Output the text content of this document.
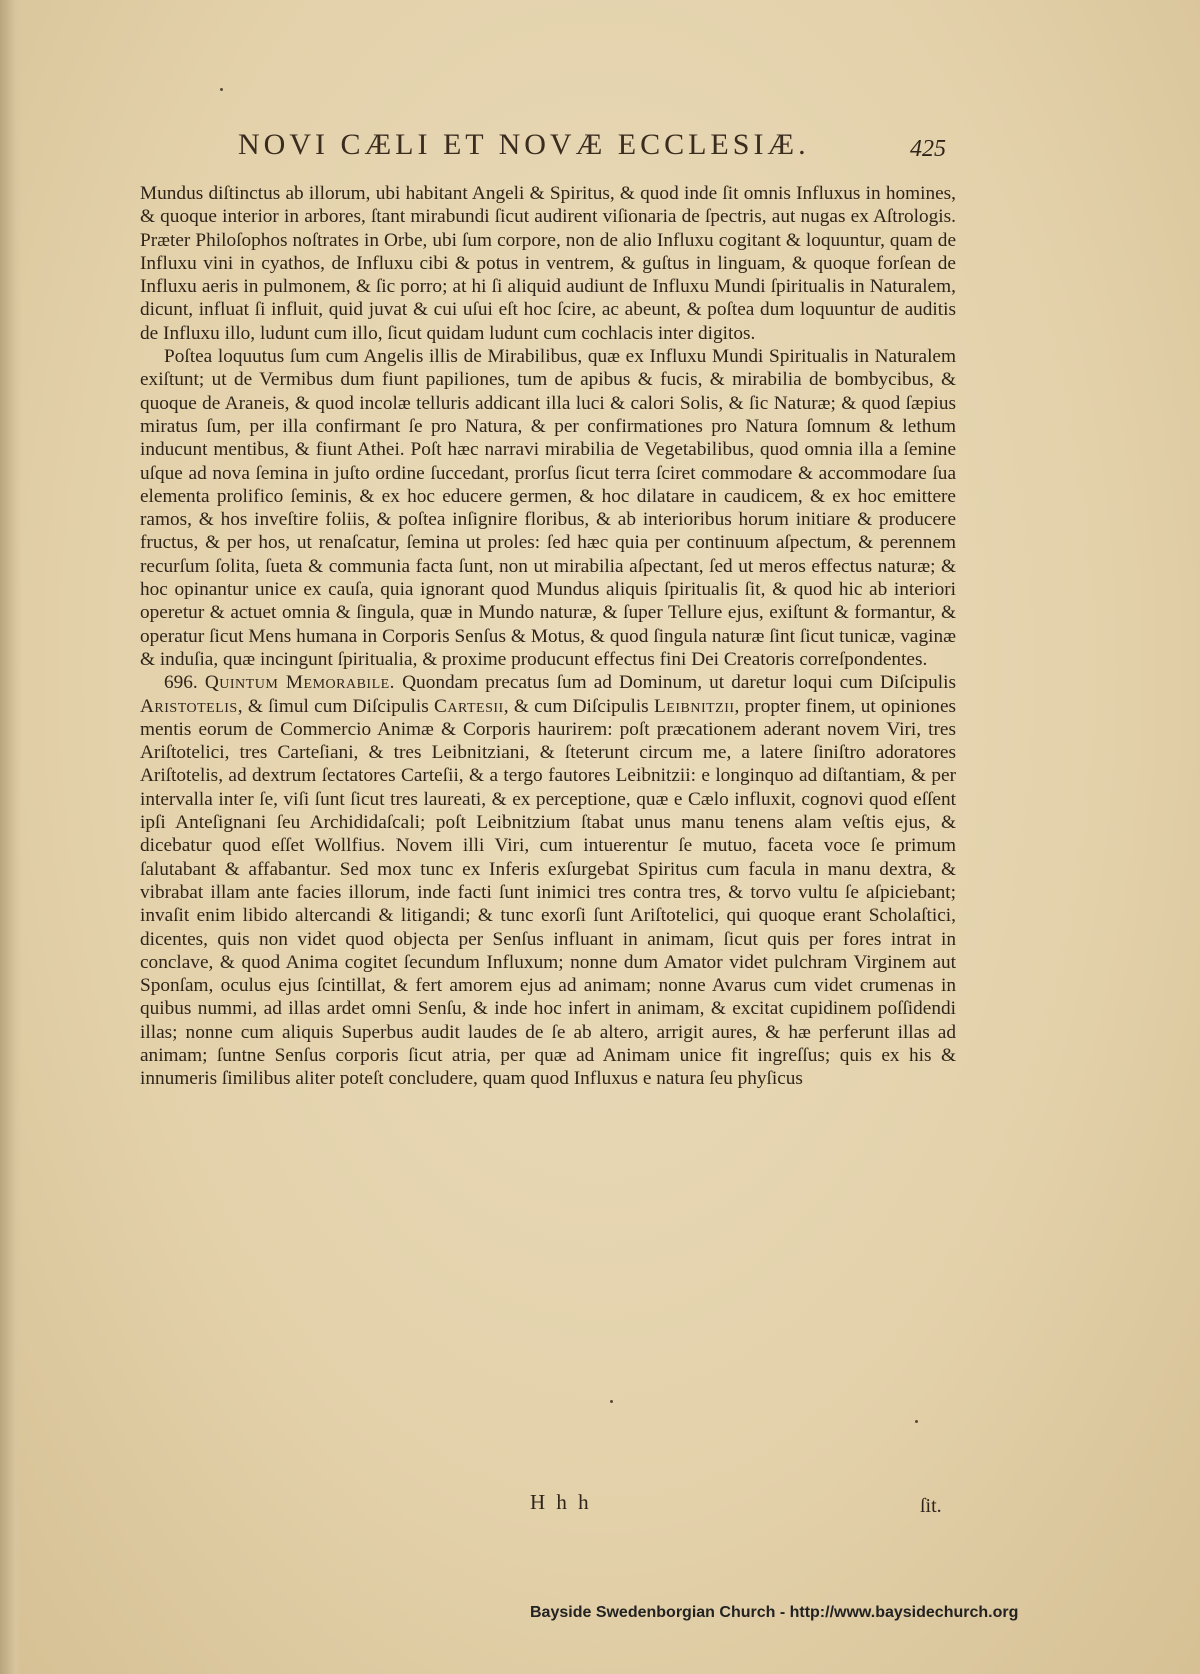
NOVI CÆLI ET NOVÆ ECCLESIÆ.	425

Mundus diſtinctus ab illorum, ubi habitant Angeli & Spiritus, & quod inde ſit omnis Influxus in homines, & quoque interior in arbores, ſtant mirabundi ſicut audirent viſionaria de ſpectris, aut nugas ex Aſtrologis. Præter Philoſophos noſtrates in Orbe, ubi ſum corpore, non de alio Influxu cogitant & loquuntur, quam de Influxu vini in cyathos, de Influxu cibi & potus in ventrem, & guſtus in linguam, & quoque forſean de Influxu aeris in pulmonem, & ſic porro; at hi ſi aliquid audiunt de Influxu Mundi ſpiritualis in Naturalem, dicunt, influat ſi influit, quid juvat & cui uſui eſt hoc ſcire, ac abeunt, & poſtea dum loquuntur de auditis de Influxu illo, ludunt cum illo, ſicut quidam ludunt cum cochlacis inter digitos.

Poſtea loquutus ſum cum Angelis illis de Mirabilibus, quæ ex Influxu Mundi Spiritualis in Naturalem exiſtunt; ut de Vermibus dum fiunt papiliones, tum de apibus & fucis, & mirabilia de bombycibus, & quoque de Araneis, & quod incolæ telluris addicant illa luci & calori Solis, & ſic Naturæ; & quod ſæpius miratus ſum, per illa confirmant ſe pro Natura, & per confirmationes pro Natura ſomnum & lethum inducunt mentibus, & fiunt Athei. Poſt hæc narravi mirabilia de Vegetabilibus, quod omnia illa a ſemine uſque ad nova ſemina in juſto ordine ſuccedant, prorſus ſicut terra ſciret commodare & accommodare ſua elementa prolifico ſeminis, & ex hoc educere germen, & hoc dilatare in caudicem, & ex hoc emittere ramos, & hos inveſtire foliis, & poſtea inſignire floribus, & ab interioribus horum initiare & producere fructus, & per hos, ut renaſcatur, ſemina ut proles: ſed hæc quia per continuum aſpectum, & perennem recurſum ſolita, ſueta & communia facta ſunt, non ut mirabilia aſpectant, ſed ut meros effectus naturæ; & hoc opinantur unice ex cauſa, quia ignorant quod Mundus aliquis ſpiritualis ſit, & quod hic ab interiori operetur & actuet omnia & ſingula, quæ in Mundo naturæ, & ſuper Tellure ejus, exiſtunt & formantur, & operatur ſicut Mens humana in Corporis Senſus & Motus, & quod ſingula naturæ ſint ſicut tunicæ, vaginæ & induſia, quæ incingunt ſpiritualia, & proxime producunt effectus fini Dei Creatoris correſpondentes.

696. Quintum Memorabile. Quondam precatus ſum ad Dominum, ut daretur loqui cum Diſcipulis Aristotelis, & ſimul cum Diſcipulis Cartesii, & cum Diſcipulis Leibnitzii, propter finem, ut opiniones mentis eorum de Commercio Animæ & Corporis haurirem: poſt præcationem aderant novem Viri, tres Ariſtotelici, tres Carteſiani, & tres Leibnitziani, & ſteterunt circum me, a latere ſiniſtro adoratores Ariſtotelis, ad dextrum ſectatores Carteſii, & a tergo fautores Leibnitzii: e longinquo ad diſtantiam, & per intervalla inter ſe, viſi ſunt ſicut tres laureati, & ex perceptione, quæ e Cælo influxit, cognovi quod eſſent ipſi Anteſignani ſeu Archididaſcali; poſt Leibnitzium ſtabat unus manu tenens alam veſtis ejus, & dicebatur quod eſſet Wollfius. Novem illi Viri, cum intuerentur ſe mutuo, faceta voce ſe primum ſalutabant & affabantur. Sed mox tunc ex Inferis exſurgebat Spiritus cum facula in manu dextra, & vibrabat illam ante facies illorum, inde facti ſunt inimici tres contra tres, & torvo vultu ſe aſpiciebant; invaſit enim libido altercandi & litigandi; & tunc exorſi ſunt Ariſtotelici, qui quoque erant Scholaſtici, dicentes, quis non videt quod objecta per Senſus influant in animam, ſicut quis per fores intrat in conclave, & quod Anima cogitet ſecundum Influxum; nonne dum Amator videt pulchram Virginem aut Sponſam, oculus ejus ſcintillat, & fert amorem ejus ad animam; nonne Avarus cum videt crumenas in quibus nummi, ad illas ardet omni Senſu, & inde hoc infert in animam, & excitat cupidinem poſſidendi illas; nonne cum aliquis Superbus audit laudes de ſe ab altero, arrigit aures, & hæ perferunt illas ad animam; ſuntne Senſus corporis ſicut atria, per quæ ad Animam unice fit ingreſſus; quis ex his & innumeris ſimilibus aliter poteſt concludere, quam quod Influxus e natura ſeu phyſicus

H h h	ſit.
Bayside Swedenborgian Church - http://www.baysidechurch.org
